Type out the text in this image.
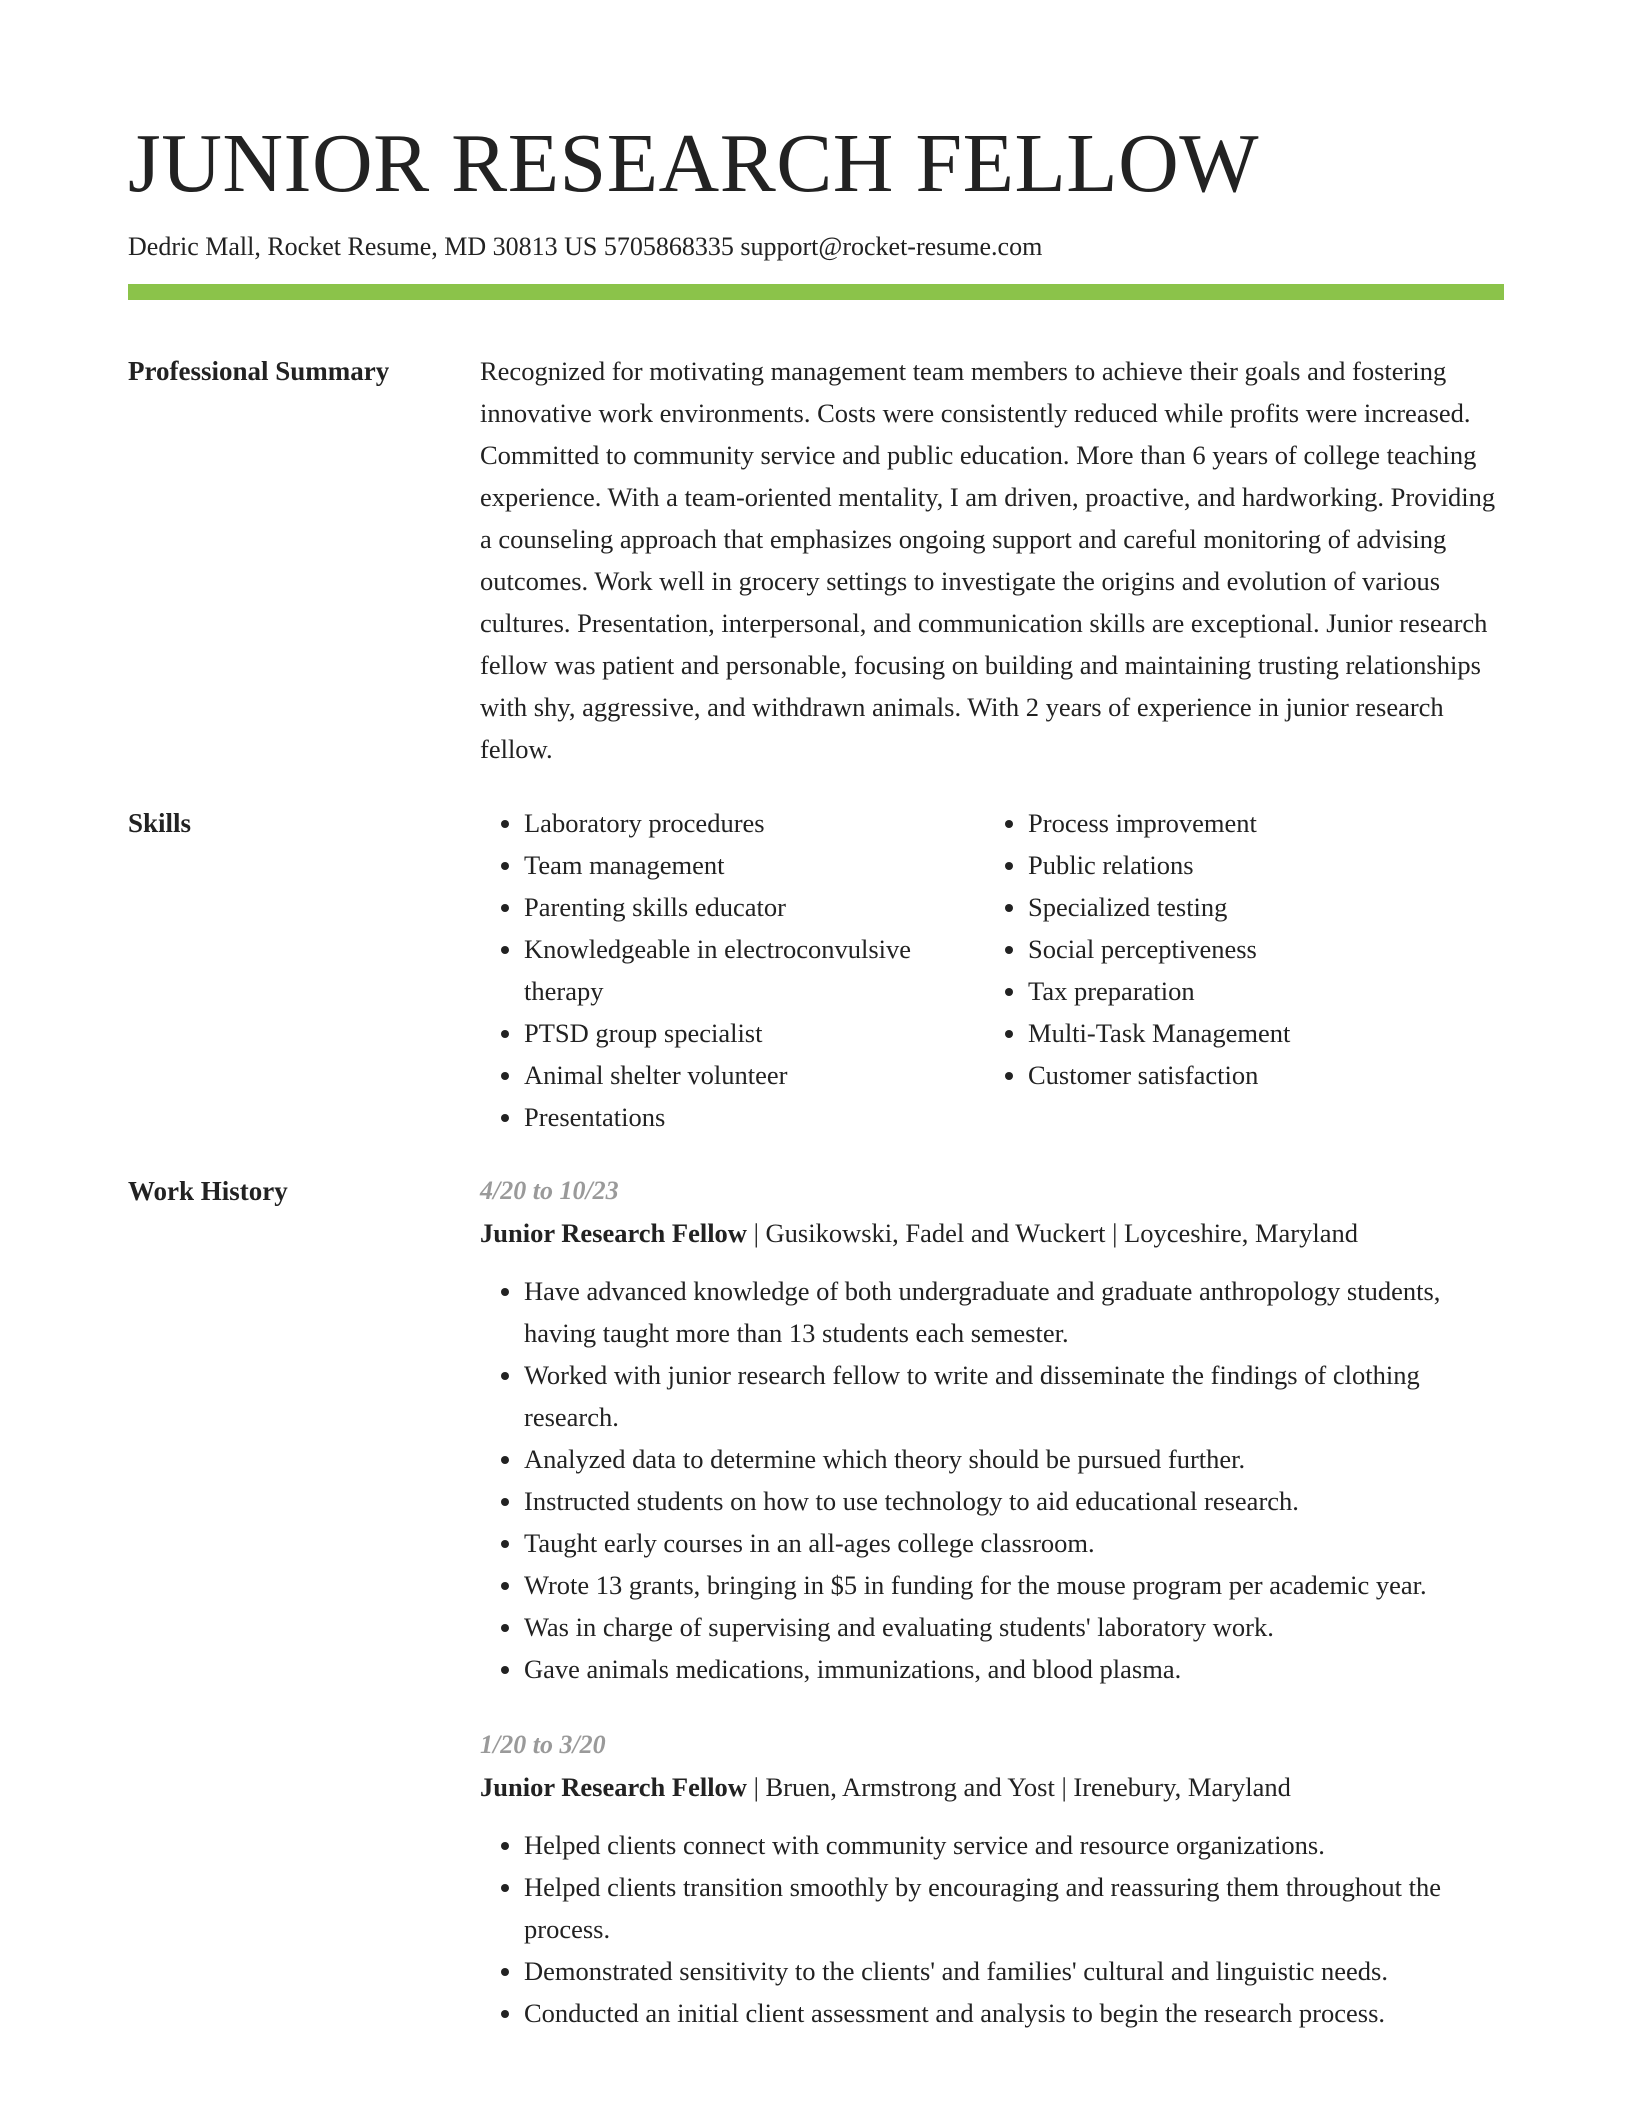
JUNIOR RESEARCH FELLOW
Dedric Mall, Rocket Resume, MD 30813 US 5705868335 support@rocket-resume.com
Professional Summary	Recognized for motivating management team members to achieve their goals and fostering innovative work environments. Costs were consistently reduced while profits were increased. Committed to community service and public education. More than 6 years of college teaching experience. With a team-oriented mentality, I am driven, proactive, and hardworking. Providing a counseling approach that emphasizes ongoing support and careful monitoring of advising outcomes. Work well in grocery settings to investigate the origins and evolution of various cultures. Presentation, interpersonal, and communication skills are exceptional. Junior research fellow was patient and personable, focusing on building and maintaining trusting relationships with shy, aggressive, and withdrawn animals. With 2 years of experience in junior research fellow.
Skills
•	Laboratory procedures
• Team management
• Parenting skills educator
• Knowledgeable in electroconvulsive therapy
• PTSD group specialist
• Animal shelter volunteer
• Presentations
• Process improvement
• Public relations
• Specialized testing
• Social perceptiveness
• Tax preparation
• Multi-Task Management
• Customer satisfaction
Work History	4/20 to 10/23
Junior Research Fellow | Gusikowski, Fadel and Wuckert | Loyceshire, Maryland
• Have advanced knowledge of both undergraduate and graduate anthropology students, having taught more than 13 students each semester.
• Worked with junior research fellow to write and disseminate the findings of clothing research.
• Analyzed data to determine which theory should be pursued further.
• Instructed students on how to use technology to aid educational research.
• Taught early courses in an all-ages college classroom.
• Wrote 13 grants, bringing in $5 in funding for the mouse program per academic year.
• Was in charge of supervising and evaluating students' laboratory work.
• Gave animals medications, immunizations, and blood plasma.
1/20 to 3/20
Junior Research Fellow | Bruen, Armstrong and Yost | Irenebury, Maryland
• Helped clients connect with community service and resource organizations.
• Helped clients transition smoothly by encouraging and reassuring them throughout the process.
• Demonstrated sensitivity to the clients' and families' cultural and linguistic needs.
• Conducted an initial client assessment and analysis to begin the research process.
